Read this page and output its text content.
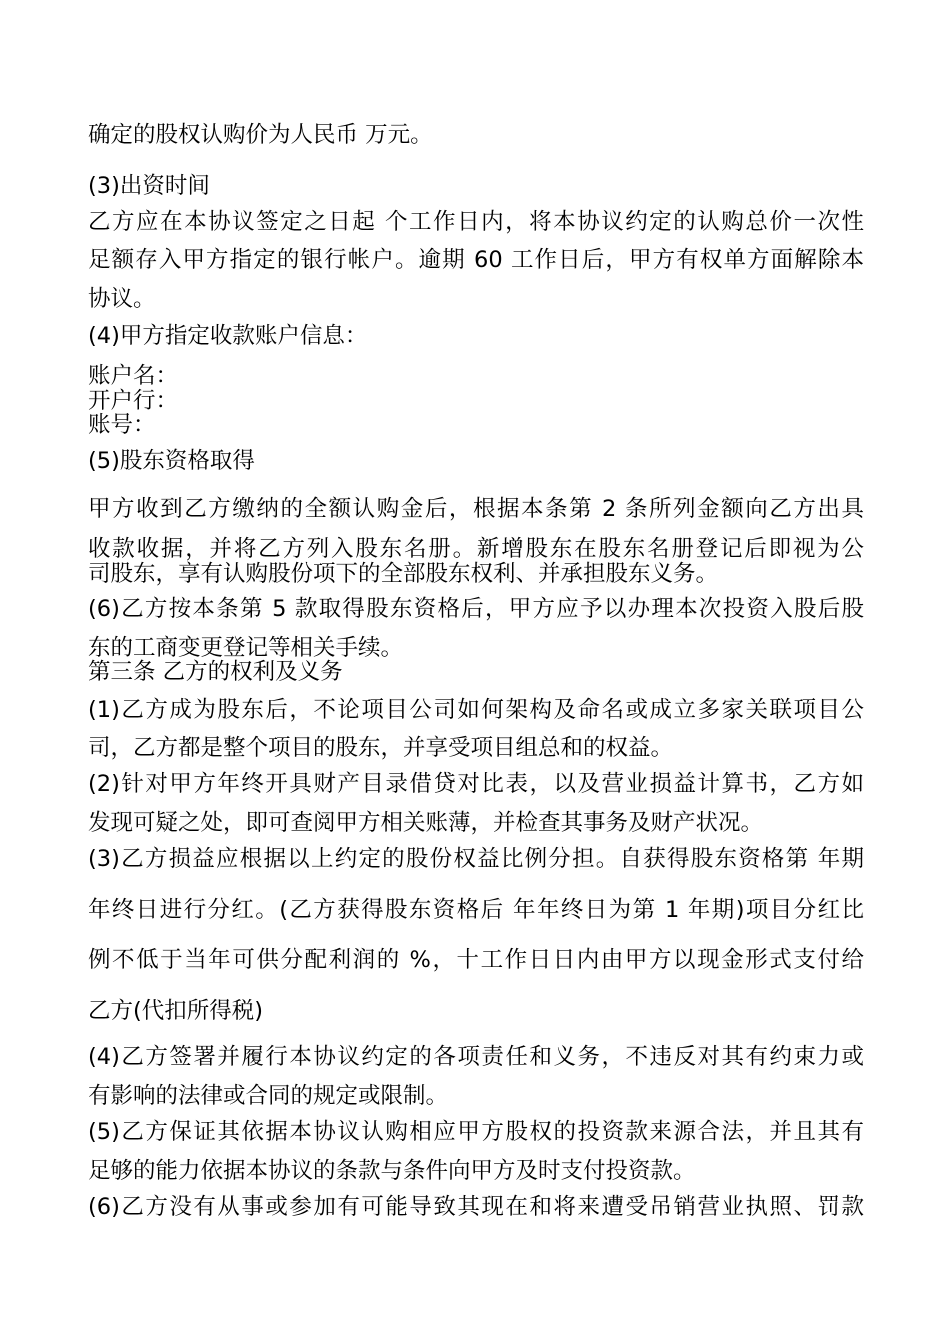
确定的股权认购价为人民币 万元。

(3)出资时间

乙方应在本协议签定之日起 个工作日内，将本协议约定的认购总价一次性

足额存入甲方指定的银行帐户。逾期 60 工作日后，甲方有权单方面解除本

协议。

(4)甲方指定收款账户信息：

账户名：

开户行：

账号：

(5)股东资格取得

甲方收到乙方缴纳的全额认购金后，根据本条第 2 条所列金额向乙方出具

收款收据，并将乙方列入股东名册。新增股东在股东名册登记后即视为公

司股东，享有认购股份项下的全部股东权利、并承担股东义务。

(6)乙方按本条第 5 款取得股东资格后，甲方应予以办理本次投资入股后股

东的工商变更登记等相关手续。

第三条 乙方的权利及义务

(1)乙方成为股东后，不论项目公司如何架构及命名或成立多家关联项目公

司，乙方都是整个项目的股东，并享受项目组总和的权益。

(2)针对甲方年终开具财产目录借贷对比表，以及营业损益计算书，乙方如

发现可疑之处，即可查阅甲方相关账薄，并检查其事务及财产状况。

(3)乙方损益应根据以上约定的股份权益比例分担。自获得股东资格第 年期

年终日进行分红。(乙方获得股东资格后 年年终日为第 1 年期)项目分红比

例不低于当年可供分配利润的 %，十工作日日内由甲方以现金形式支付给

乙方(代扣所得税)

(4)乙方签署并履行本协议约定的各项责任和义务，不违反对其有约束力或

有影响的法律或合同的规定或限制。

(5)乙方保证其依据本协议认购相应甲方股权的投资款来源合法，并且其有

足够的能力依据本协议的条款与条件向甲方及时支付投资款。

(6)乙方没有从事或参加有可能导致其现在和将来遭受吊销营业执照、罚款
